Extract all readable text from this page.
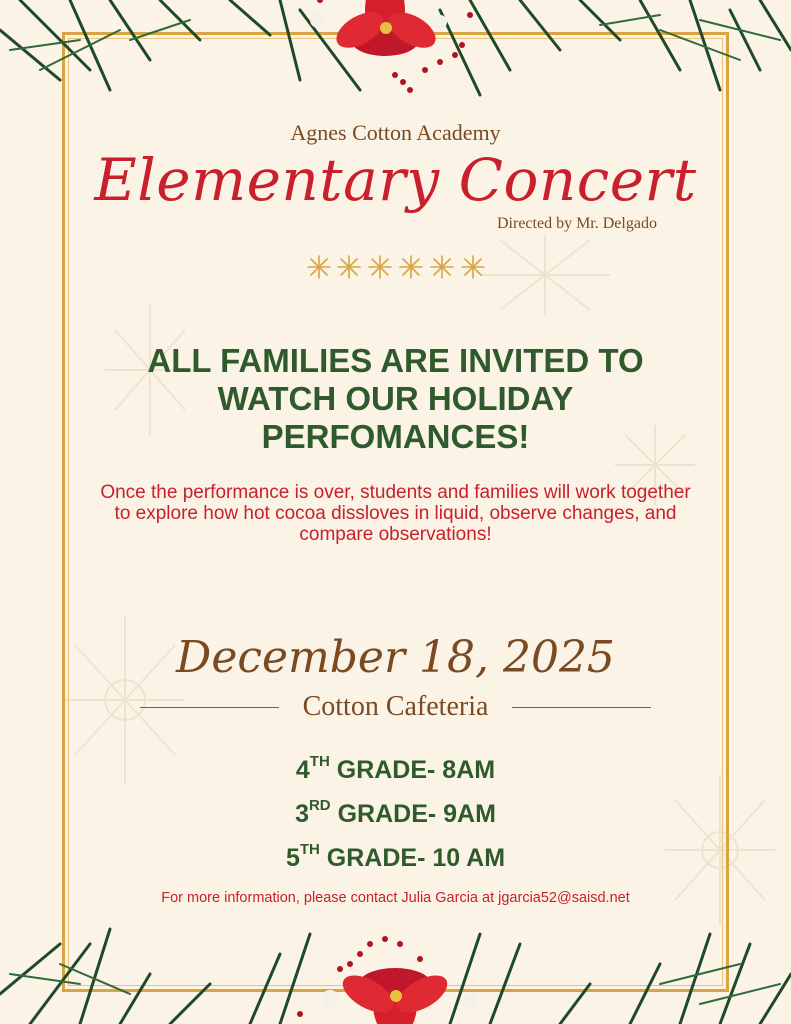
Agnes Cotton Academy
Elementary Concert
Directed by Mr. Delgado
ALL FAMILIES ARE INVITED TO WATCH OUR HOLIDAY PERFOMANCES!
Once the performance is over, students and families will work together to explore how hot cocoa dissloves in liquid, observe changes, and compare observations!
December 18, 2025
Cotton Cafeteria
4TH GRADE- 8AM
3RD GRADE- 9AM
5TH GRADE- 10 AM
For more information, please contact Julia Garcia at jgarcia52@saisd.net
